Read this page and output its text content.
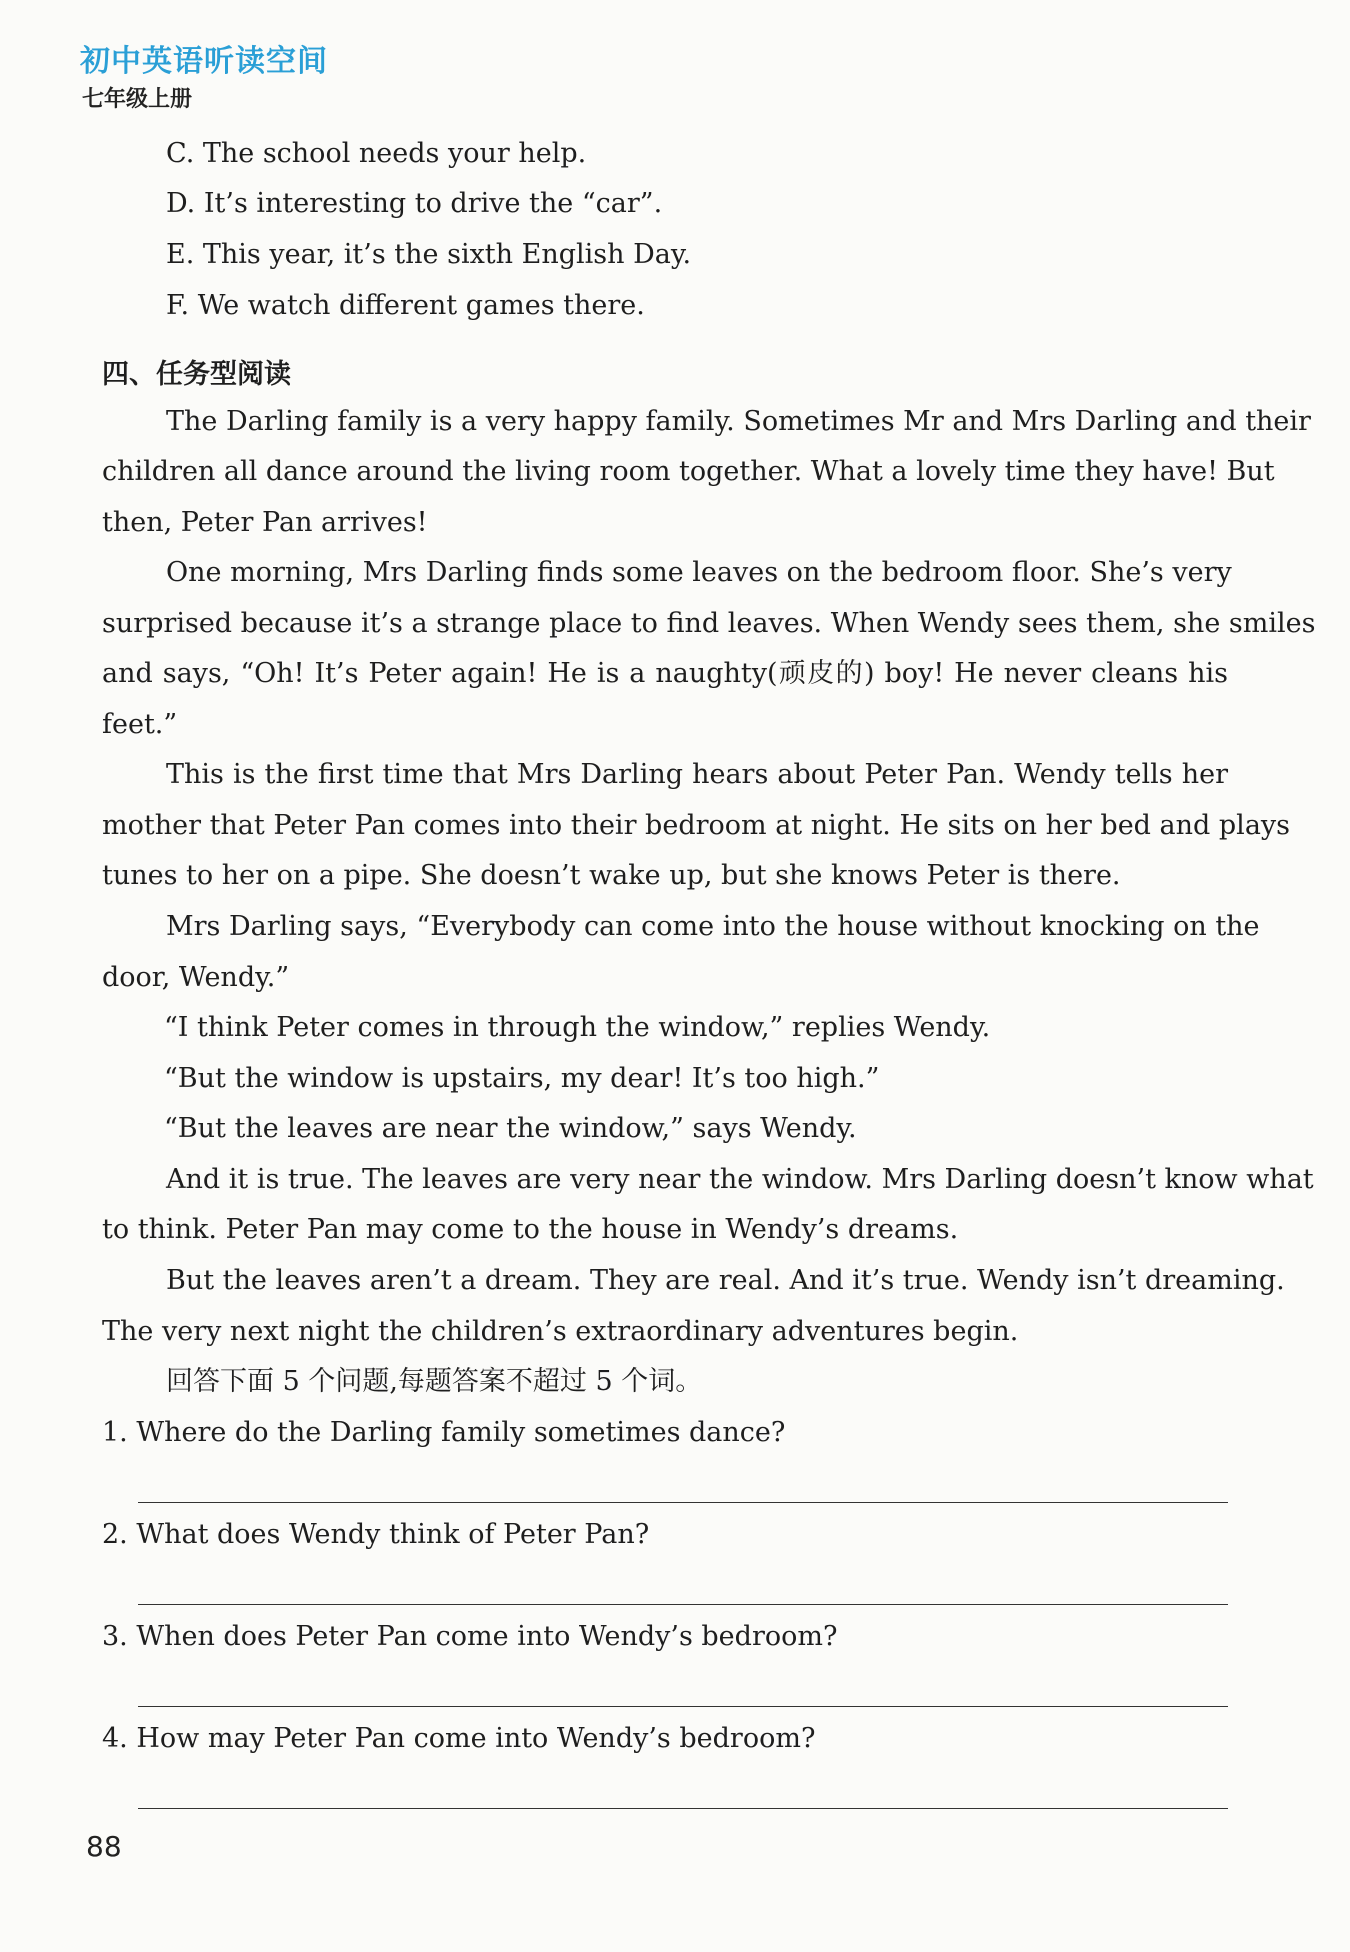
初中英语听读空间
七年级上册
C. The school needs your help.
D. It’s interesting to drive the “car”.
E. This year, it’s the sixth English Day.
F. We watch different games there.
四、任务型阅读
The Darling family is a very happy family. Sometimes Mr and Mrs Darling and their
children all dance around the living room together. What a lovely time they have! But
then, Peter Pan arrives!
One morning, Mrs Darling finds some leaves on the bedroom floor. She’s very
surprised because it’s a strange place to find leaves. When Wendy sees them, she smiles
and says, “Oh! It’s Peter again! He is a naughty(顽皮的) boy! He never cleans his
feet.”
This is the first time that Mrs Darling hears about Peter Pan. Wendy tells her
mother that Peter Pan comes into their bedroom at night. He sits on her bed and plays
tunes to her on a pipe. She doesn’t wake up, but she knows Peter is there.
Mrs Darling says, “Everybody can come into the house without knocking on the
door, Wendy.”
“I think Peter comes in through the window,” replies Wendy.
“But the window is upstairs, my dear! It’s too high.”
“But the leaves are near the window,” says Wendy.
And it is true. The leaves are very near the window. Mrs Darling doesn’t know what
to think. Peter Pan may come to the house in Wendy’s dreams.
But the leaves aren’t a dream. They are real. And it’s true. Wendy isn’t dreaming.
The very next night the children’s extraordinary adventures begin.
回答下面 5 个问题,每题答案不超过 5 个词。
1. Where do the Darling family sometimes dance?
2. What does Wendy think of Peter Pan?
3. When does Peter Pan come into Wendy’s bedroom?
4. How may Peter Pan come into Wendy’s bedroom?
88
